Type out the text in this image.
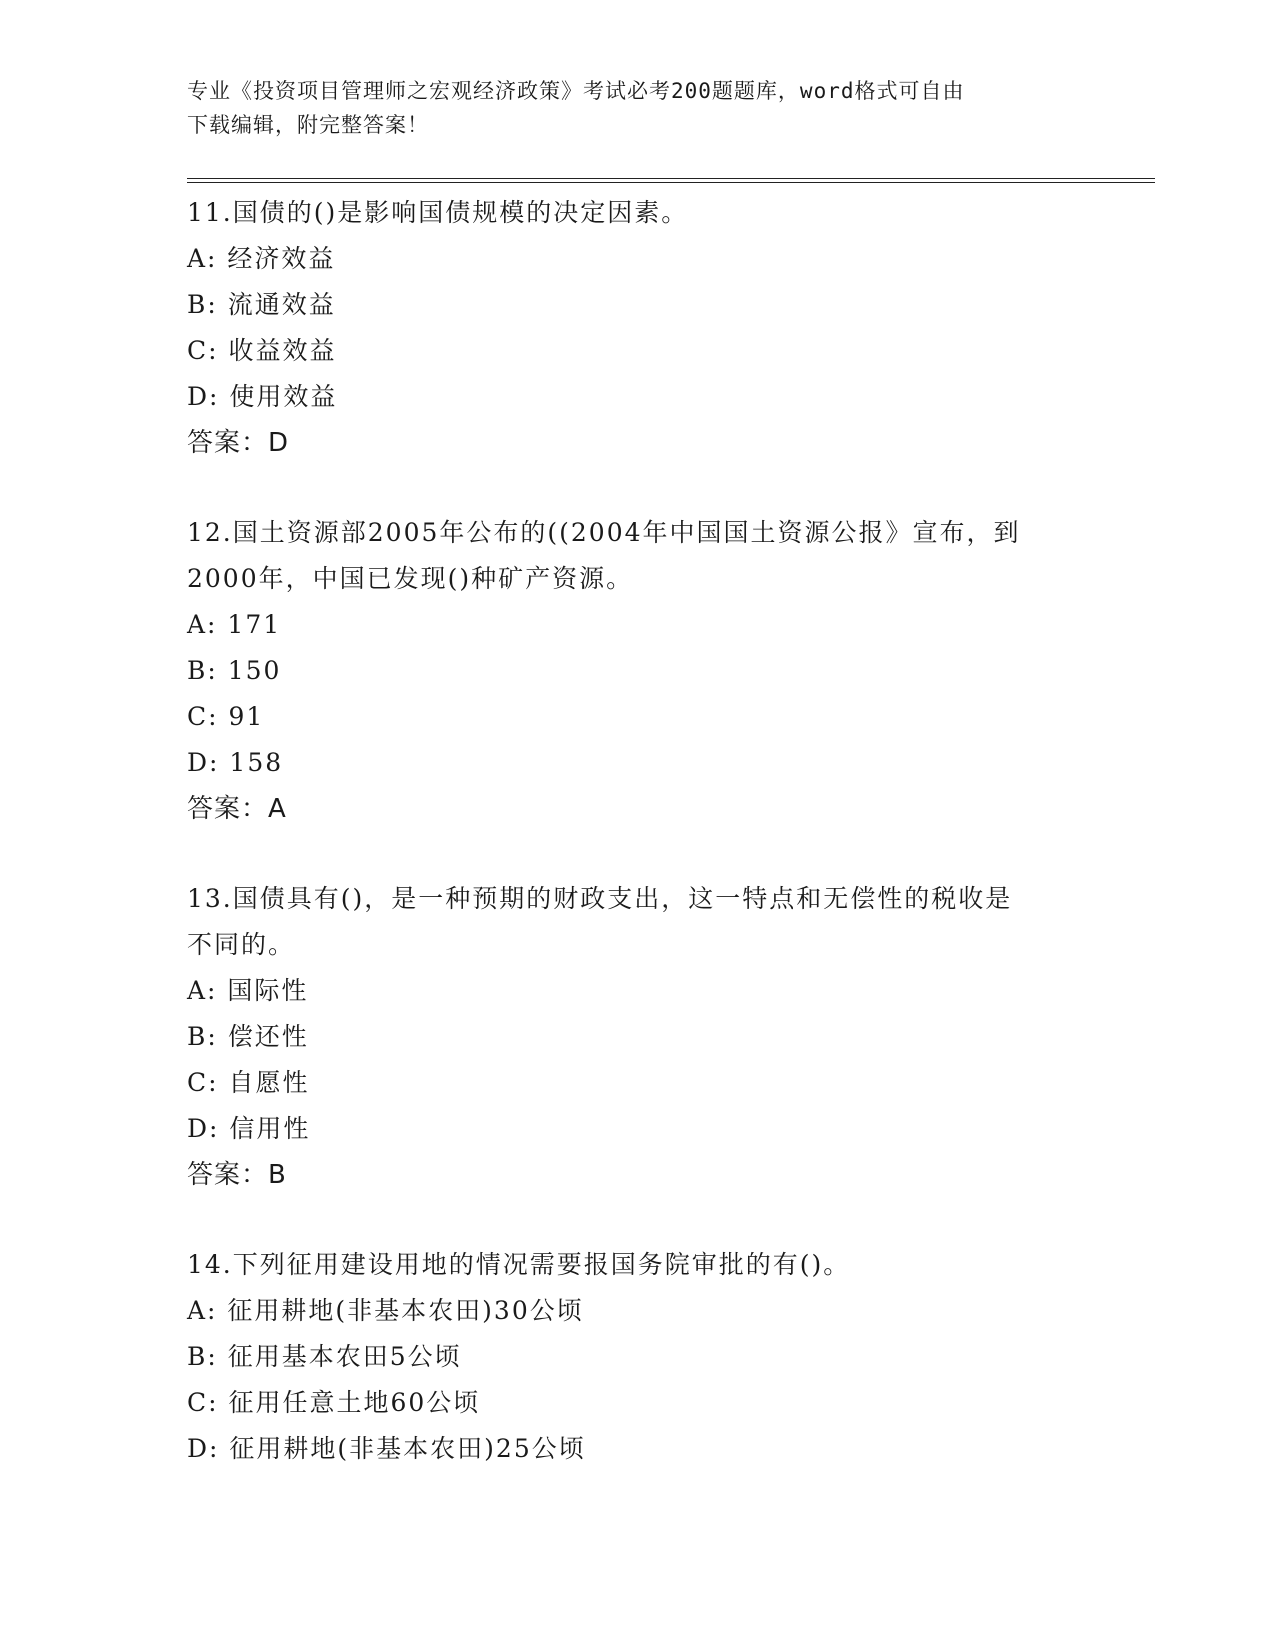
专业《投资项目管理师之宏观经济政策》考试必考200题题库，word格式可自由
下载编辑，附完整答案！
11.国债的()是影响国债规模的决定因素。
A: 经济效益
B: 流通效益
C: 收益效益
D: 使用效益
答案：D
12.国土资源部2005年公布的((2004年中国国土资源公报》宣布，到
2000年，中国已发现()种矿产资源。
A: 171
B: 150
C: 91
D: 158
答案：A
13.国债具有()，是一种预期的财政支出，这一特点和无偿性的税收是
不同的。
A: 国际性
B: 偿还性
C: 自愿性
D: 信用性
答案：B
14.下列征用建设用地的情况需要报国务院审批的有()。
A: 征用耕地(非基本农田)30公顷
B: 征用基本农田5公顷
C: 征用任意土地60公顷
D: 征用耕地(非基本农田)25公顷
